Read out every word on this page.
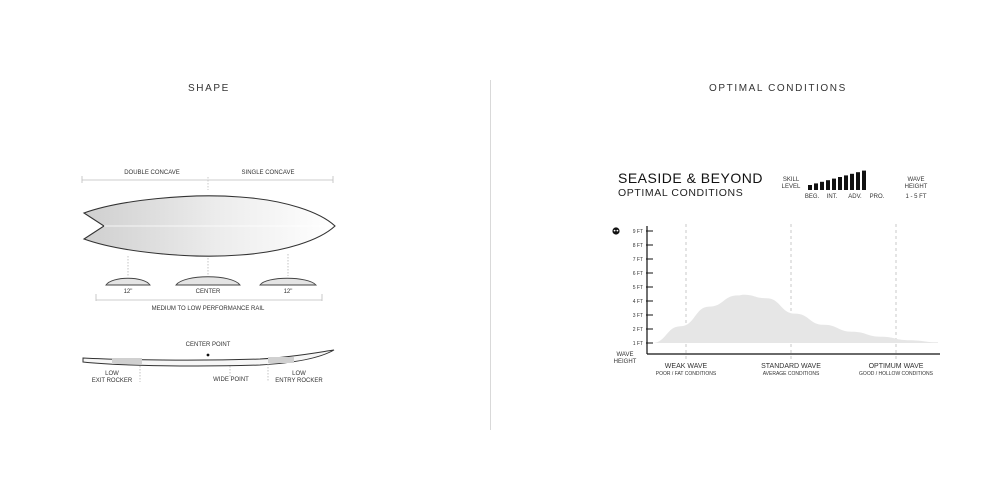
SHAPE
DOUBLE CONCAVE	SINGLE CONCAVE
12"	CENTER	12"
MEDIUM TO LOW PERFORMANCE RAIL
CENTER POINT
LOW
EXIT ROCKER	WIDE POINT
LOW
ENTRY ROCKER
OPTIMAL CONDITIONS
SEASIDE & BEYOND
OPTIMAL CONDITIONS
SKILL
LEVEL
BEG.	INT.	ADV.	PRO.
WAVE
HEIGHT
1 - 5 FT
1 FT
2 FT
3 FT
4 FT
5 FT
6 FT
7 FT
8 FT
9 FT
WAVE
HEIGHT
WEAK WAVE
POOR / FAT CONDITIONS
STANDARD WAVE
AVERAGE CONDITIONS
OPTIMUM WAVE
GOOD / HOLLOW CONDITIONS
